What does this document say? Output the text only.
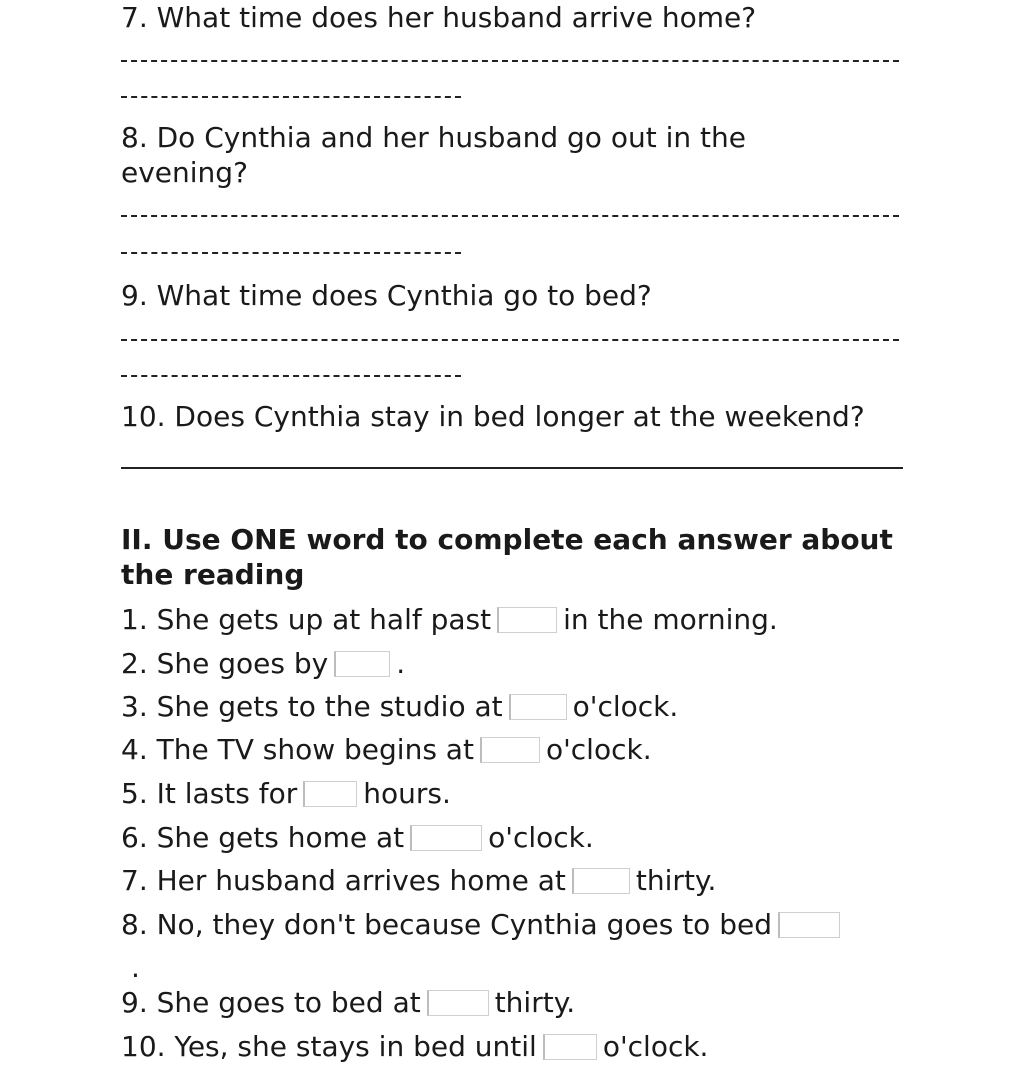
7. What time does her husband arrive home?

8. Do Cynthia and her husband go out in the evening?

9. What time does Cynthia go to bed?

10. Does Cynthia stay in bed longer at the weekend?

II. Use ONE word to complete each answer about the reading

1. She gets up at half past	in the morning.
2. She goes by .
3. She gets to the studio at	o'clock.
4. The TV show begins at	o'clock.
5. It lasts for hours.
6. She gets home at	o'clock.
7. Her husband arrives home at	thirty.
8. No, they don't because Cynthia goes to bed
.
9. She goes to bed at	thirty.
10. Yes, she stays in bed until o'clock.
